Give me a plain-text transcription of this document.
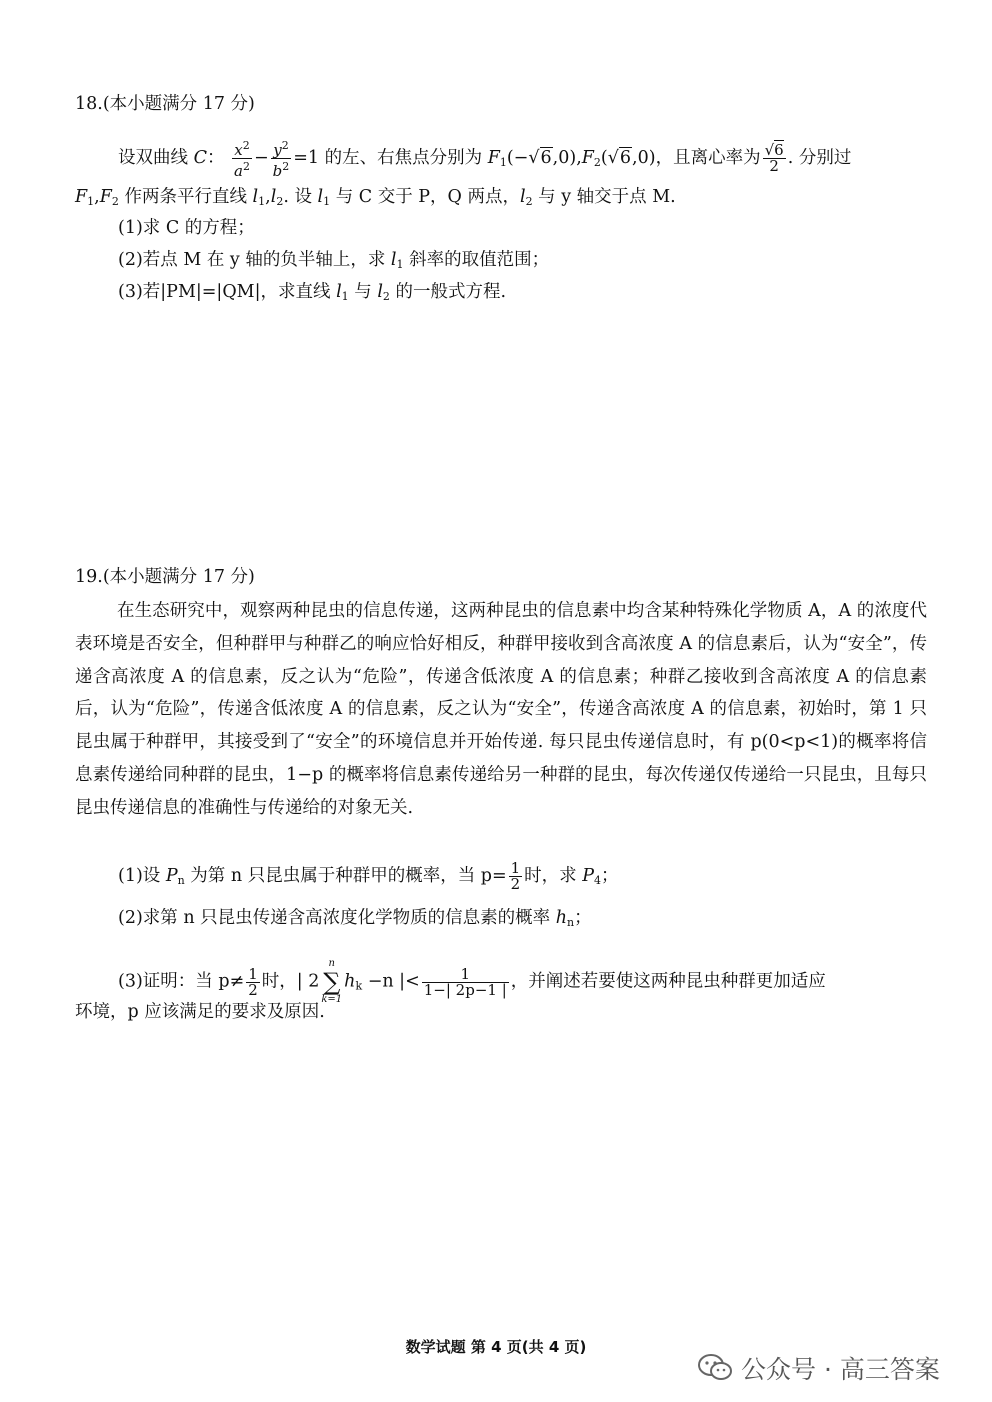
18.(本小题满分 17 分)
设双曲线 C： $\frac{x^2}{a^2} - \frac{y^2}{b^2} =1$ 的左、右焦点分别为 $F_1(-√6,0),F_2(√6,0)$，且离心率为 $\frac{√6}{2}$ . 分别过
$F_1,F_2$ 作两条平行直线 $l_1,l_2$. 设 $l_1$ 与 C 交于 P，Q 两点，$l_2$ 与 y 轴交于点 M.
(1)求 C 的方程；
(2)若点 M 在 y 轴的负半轴上，求 $l_1$ 斜率的取值范围；
(3)若|PM|=|QM|，求直线 $l_1$ 与 $l_2$ 的一般式方程.
19.(本小题满分 17 分)
在生态研究中，观察两种昆虫的信息传递，这两种昆虫的信息素中均含某种特殊化学物质 A，A 的浓度代表环境是否安全，但种群甲与种群乙的响应恰好相反，种群甲接收到含高浓度 A 的信息素后，认为“安全”，传递含高浓度 A 的信息素，反之认为“危险”，传递含低浓度 A 的信息素；种群乙接收到含高浓度 A 的信息素后，认为“危险”，传递含低浓度 A 的信息素，反之认为“安全”，传递含高浓度 A 的信息素，初始时，第 1 只昆虫属于种群甲，其接受到了“安全”的环境信息并开始传递. 每只昆虫传递信息时，有 p(0<p<1)的概率将信息素传递给同种群的昆虫，1−p 的概率将信息素传递给另一种群的昆虫，每次传递仅传递给一只昆虫，且每只昆虫传递信息的准确性与传递给的对象无关.
(1)设 $P_n$ 为第 n 只昆虫属于种群甲的概率，当 $p= \frac{1}{2}$ 时，求 $P_4$；
(2)求第 n 只昆虫传递含高浓度化学物质的信息素的概率 $h_n$；
(3)证明：当 $p\ne \frac{1}{2}$ 时，| 2
n
∑
k=1
$h_k -n$ |< $\frac{1}{1-| 2p-1 |}$ ，并阐述若要使这两种昆虫种群更加适应
环境，p 应该满足的要求及原因.
数学试题 第 4 页(共 4 页)
公众号 · 高三答案
